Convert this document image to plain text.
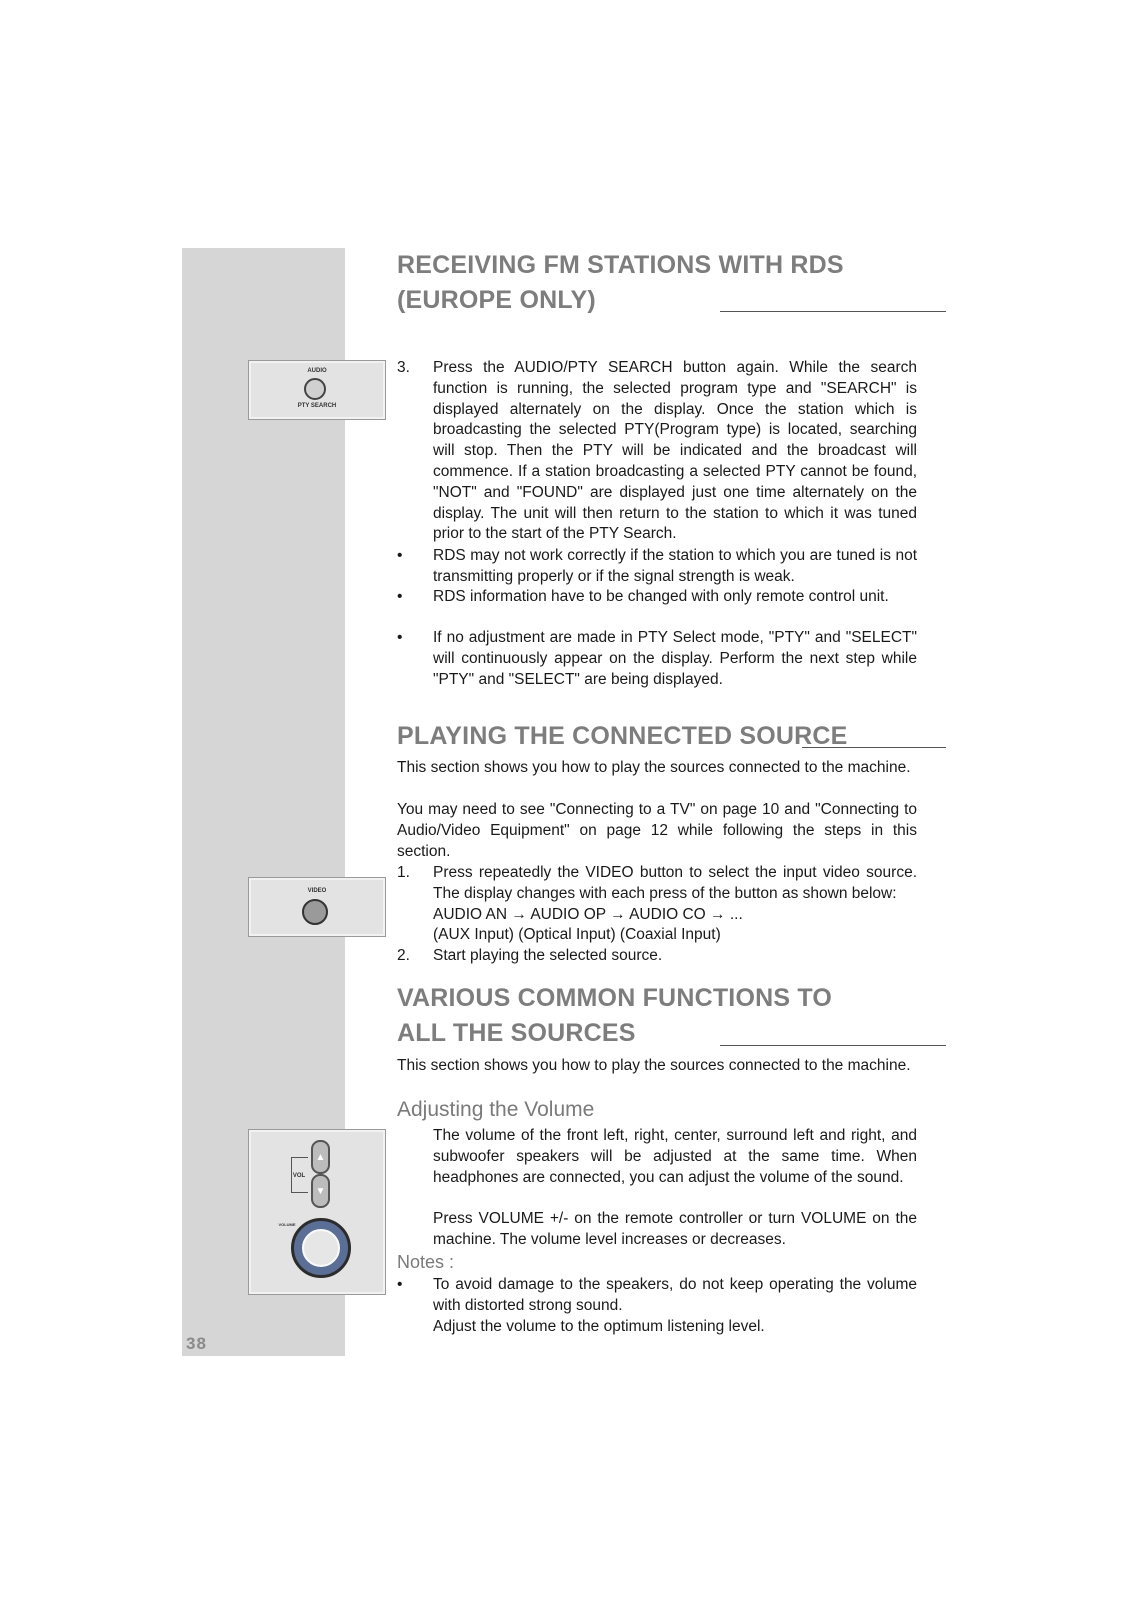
38
AUDIO
PTY SEARCH
VIDEO
▲
▼
VOL
VOLUME
RECEIVING FM STATIONS WITH RDS
(EUROPE ONLY)
3.	Press the AUDIO/PTY SEARCH button again. While the search function is running, the selected program type and "SEARCH" is displayed alternately on the display. Once the station which is broadcasting the selected PTY(Program type) is located, searching will stop. Then the PTY will be indicated and the broadcast will commence. If a station broadcasting a selected PTY cannot be found, "NOT" and "FOUND" are displayed just one time alternately on the display. The unit will then return to the station to which it was tuned prior to the start of the PTY Search.
•	RDS may not work correctly if the station to which you are tuned is not transmitting properly or if the signal strength is weak.
•	RDS information have to be changed with only remote control unit.
•	If no adjustment are made in PTY Select mode, "PTY" and "SELECT" will continuously appear on the display. Perform the next step while "PTY" and "SELECT" are being displayed.
PLAYING THE CONNECTED SOURCE

This section shows you how to play the sources connected to the machine.

You may need to see "Connecting to a TV" on page 10 and "Connecting to Audio/Video Equipment" on page 12 while following the steps in this section.

1.	Press repeatedly the VIDEO button to select the input video source. The display changes with each press of the button as shown below:
AUDIO AN → AUDIO OP → AUDIO CO → ...
(AUX Input) (Optical Input) (Coaxial Input)
2.	Start playing the selected source.
VARIOUS COMMON FUNCTIONS TO
ALL THE SOURCES

This section shows you how to play the sources connected to the machine.

Adjusting the Volume

The volume of the front left, right, center, surround left and right, and subwoofer speakers will be adjusted at the same time. When headphones are connected, you can adjust the volume of the sound.

Press VOLUME +/- on the remote controller or turn VOLUME on the machine. The volume level increases or decreases.

Notes :
•	To avoid damage to the speakers, do not keep operating the volume with distorted strong sound.
Adjust the volume to the optimum listening level.
